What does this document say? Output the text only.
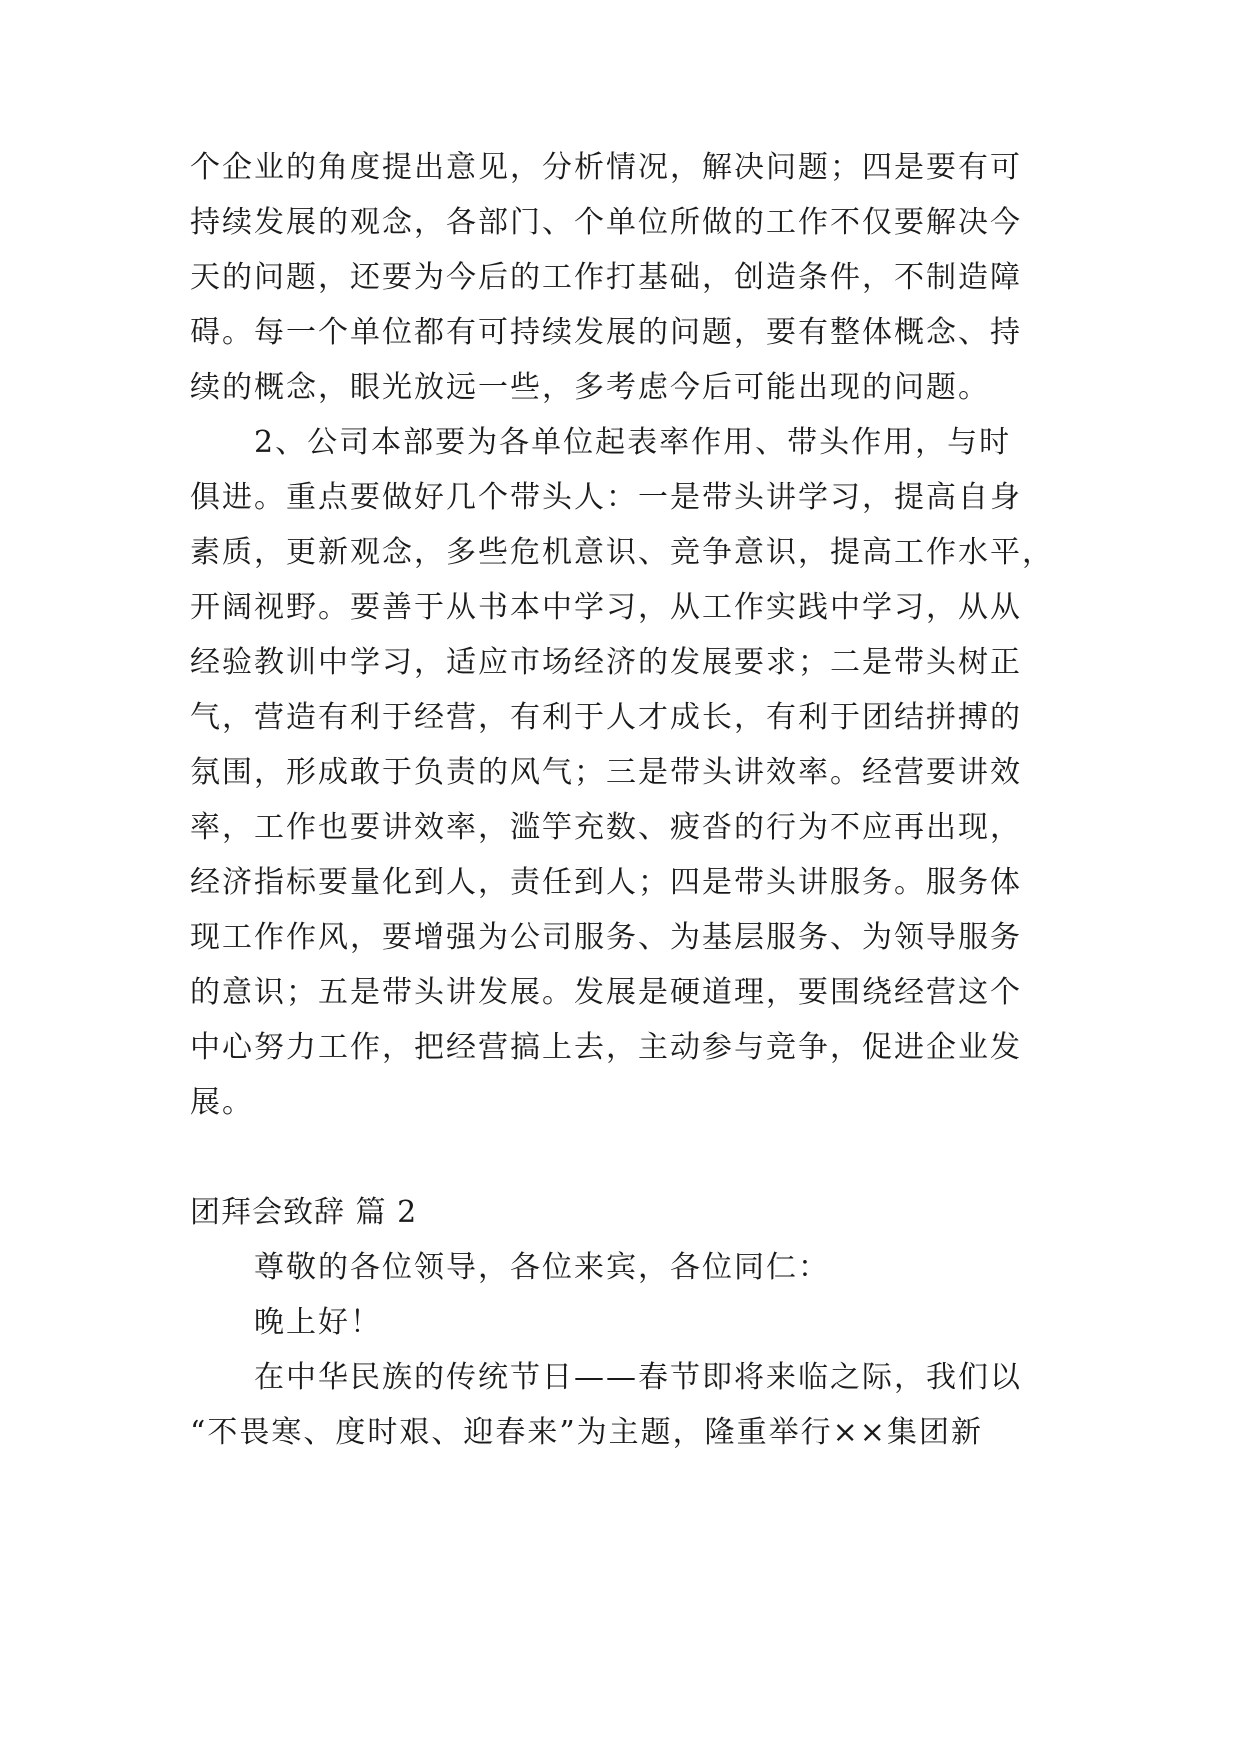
个企业的角度提出意见，分析情况，解决问题；四是要有可
持续发展的观念，各部门、个单位所做的工作不仅要解决今
天的问题，还要为今后的工作打基础，创造条件，不制造障
碍。每一个单位都有可持续发展的问题，要有整体概念、持
续的概念，眼光放远一些，多考虑今后可能出现的问题。
2、公司本部要为各单位起表率作用、带头作用，与时
俱进。重点要做好几个带头人：一是带头讲学习，提高自身
素质，更新观念，多些危机意识、竞争意识，提高工作水平，
开阔视野。要善于从书本中学习，从工作实践中学习，从从
经验教训中学习，适应市场经济的发展要求；二是带头树正
气，营造有利于经营，有利于人才成长，有利于团结拼搏的
氛围，形成敢于负责的风气；三是带头讲效率。经营要讲效
率，工作也要讲效率，滥竽充数、疲沓的行为不应再出现，
经济指标要量化到人，责任到人；四是带头讲服务。服务体
现工作作风，要增强为公司服务、为基层服务、为领导服务
的意识；五是带头讲发展。发展是硬道理，要围绕经营这个
中心努力工作，把经营搞上去，主动参与竞争，促进企业发
展。
团拜会致辞 篇 2
尊敬的各位领导，各位来宾，各位同仁：
晚上好！
在中华民族的传统节日——春节即将来临之际，我们以
“不畏寒、度时艰、迎春来”为主题，隆重举行××集团新
